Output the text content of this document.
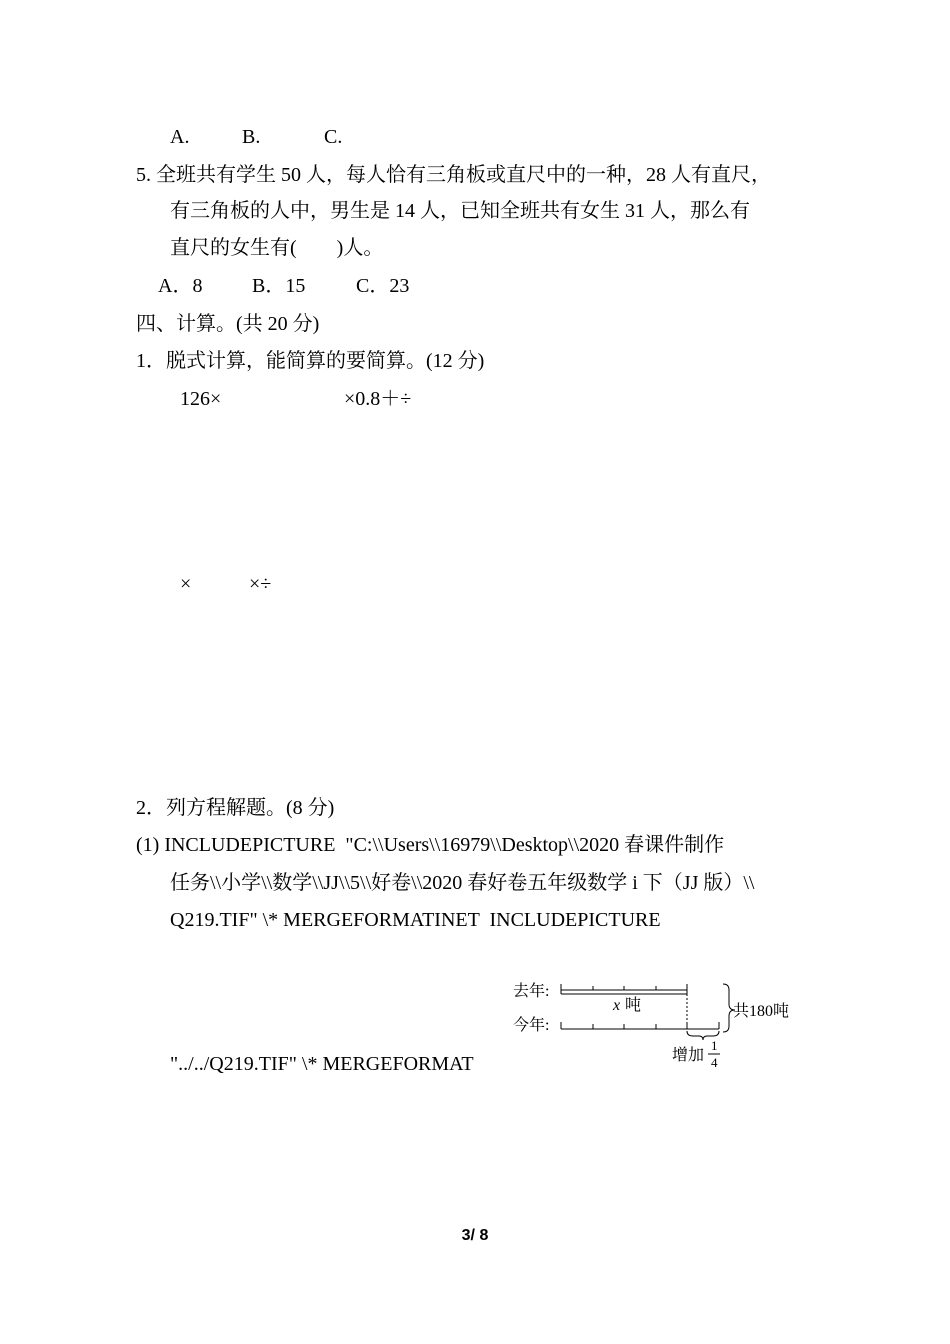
A.	B.	C.
5. 全班共有学生 50 人，每人恰有三角板或直尺中的一种，28 人有直尺，
有三角板的人中，男生是 14 人，已知全班共有女生 31 人，那么有
直尺的女生有(　　)人。
A．8 B．15	C．23
四、计算。(共 20 分)
1．脱式计算，能简算的要简算。(12 分)
126×	×0.8＋÷
×	×÷
2．列方程解题。(8 分)
(1) INCLUDEPICTURE  "C:\\Users\\16979\\Desktop\\2020 春课件制作
任务\\小学\\数学\\JJ\\5\\好卷\\2020 春好卷五年级数学 i 下（JJ 版）\\
Q219.TIF" \* MERGEFORMATINET  INCLUDEPICTURE
"../../Q219.TIF" \* MERGEFORMAT
去年:
今年:
x 吨	共180吨
增加
1
4
3/ 8
